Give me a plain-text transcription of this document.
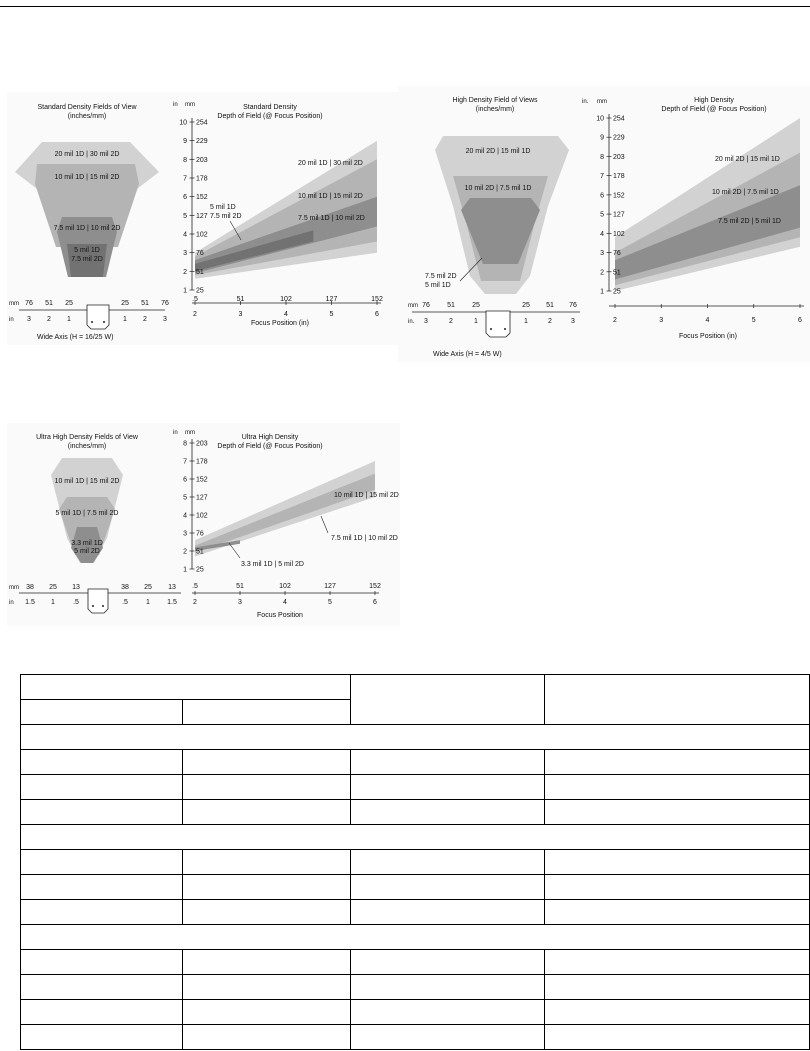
Standard Density Fields of View
(inches/mm)
20 mil 1D | 30 mil 2D
10 mil 1D | 15 mil 2D
7.5 mil 1D | 10 mil 2D
5 mil 1D
7.5 mil 2D
mm
in
76 51 25	25 51 76
3 2 1	1 2 3
Wide Axis (H = 16/25 W)
Standard Density
Depth of Field (@ Focus Position)
in mm
10 254
9 229
8 203
7 178
6 152
5 127
4 102
3 76
2 51
1 25
2
.5
3
51
4
102
5
127
6
152
20 mil 1D | 30 mil 2D
10 mil 1D | 15 mil 2D
7.5 mil 1D | 10 mil 2D
5 mil 1D
7.5 mil 2D
Focus Position (in)
High Density Field of Views
(inches/mm)
20 mil 2D | 15 mil 1D
10 mil 2D | 7.5 mil 1D
7.5 mil 2D
5 mil 1D
mm
in.
76 51 25	25 51 76
3	2	1	1	2	3
Wide Axis (H = 4/5 W)
High Density
Depth of Field (@ Focus Position)
in. mm
10 254
9 229
8 203
7 178
6 152
5 127
4 102
3 76
2 51
1 25
2	3	4	5	6
20 mil 2D | 15 mil 1D
10 mil 2D | 7.5 mil 1D
7.5 mil 2D | 5 mil 1D
Focus Position (in)
Ultra High Density Fields of View
(inches/mm)
10 mil 1D | 15 mil 2D
5 mil 1D | 7.5 mil 2D
3.3 mil 1D
5 mil 2D
mm
in
38 25 13	38 25 13
1.5 1	.5	.5	1 1.5
Ultra High Density
Depth of Field (@ Focus Position)
in mm
8 203
7 178
6 152
5 127
4 102
3 76
2 51
1 25
2
.5
3
51
4
102
5
127
6
152
10 mil 1D | 15 mil 2D
7.5 mil 1D | 10 mil 2D
3.3 mil 1D | 5 mil 2D
Focus Position
